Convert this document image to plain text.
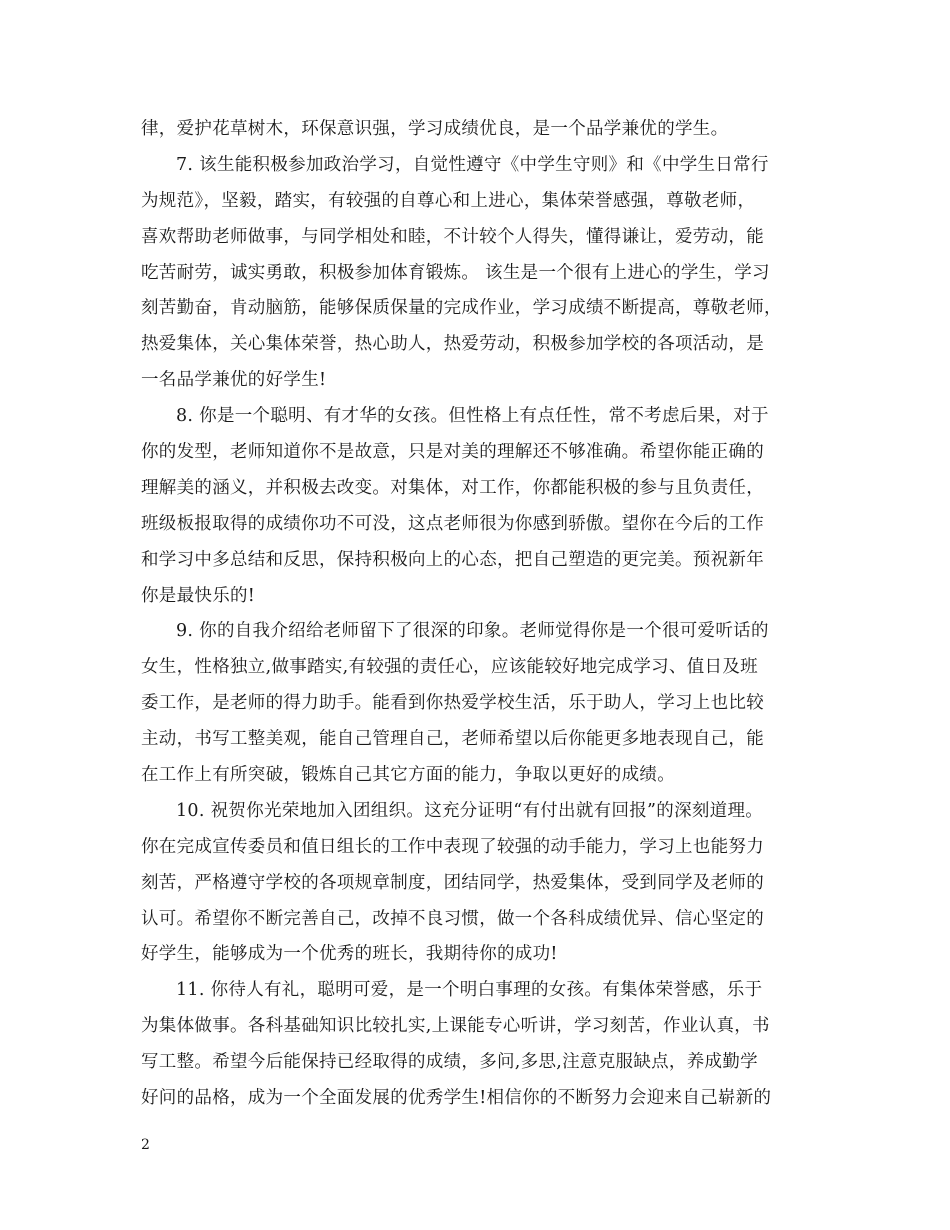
律，爱护花草树木，环保意识强，学习成绩优良，是一个品学兼优的学生。
7. 该生能积极参加政治学习，自觉性遵守《中学生守则》和《中学生日常行
为规范》，坚毅，踏实，有较强的自尊心和上进心，集体荣誉感强，尊敬老师，
喜欢帮助老师做事，与同学相处和睦，不计较个人得失，懂得谦让，爱劳动，能
吃苦耐劳，诚实勇敢，积极参加体育锻炼。 该生是一个很有上进心的学生，学习
刻苦勤奋，肯动脑筋，能够保质保量的完成作业，学习成绩不断提高，尊敬老师，
热爱集体，关心集体荣誉，热心助人，热爱劳动，积极参加学校的各项活动，是
一名品学兼优的好学生!
8. 你是一个聪明、有才华的女孩。但性格上有点任性，常不考虑后果，对于
你的发型，老师知道你不是故意，只是对美的理解还不够准确。希望你能正确的
理解美的涵义，并积极去改变。对集体，对工作，你都能积极的参与且负责任，
班级板报取得的成绩你功不可没，这点老师很为你感到骄傲。望你在今后的工作
和学习中多总结和反思，保持积极向上的心态，把自己塑造的更完美。预祝新年
你是最快乐的!
9. 你的自我介绍给老师留下了很深的印象。老师觉得你是一个很可爱听话的
女生，性格独立,做事踏实,有较强的责任心，应该能较好地完成学习、值日及班
委工作，是老师的得力助手。能看到你热爱学校生活，乐于助人，学习上也比较
主动，书写工整美观，能自己管理自己，老师希望以后你能更多地表现自己，能
在工作上有所突破，锻炼自己其它方面的能力，争取以更好的成绩。
10. 祝贺你光荣地加入团组织。这充分证明“有付出就有回报”的深刻道理。
你在完成宣传委员和值日组长的工作中表现了较强的动手能力，学习上也能努力
刻苦，严格遵守学校的各项规章制度，团结同学，热爱集体，受到同学及老师的
认可。希望你不断完善自己，改掉不良习惯，做一个各科成绩优异、信心坚定的
好学生，能够成为一个优秀的班长，我期待你的成功!
11. 你待人有礼，聪明可爱，是一个明白事理的女孩。有集体荣誉感，乐于
为集体做事。各科基础知识比较扎实,上课能专心听讲，学习刻苦，作业认真，书
写工整。希望今后能保持已经取得的成绩，多问,多思,注意克服缺点，养成勤学
好问的品格，成为一个全面发展的优秀学生!相信你的不断努力会迎来自己崭新的
2
